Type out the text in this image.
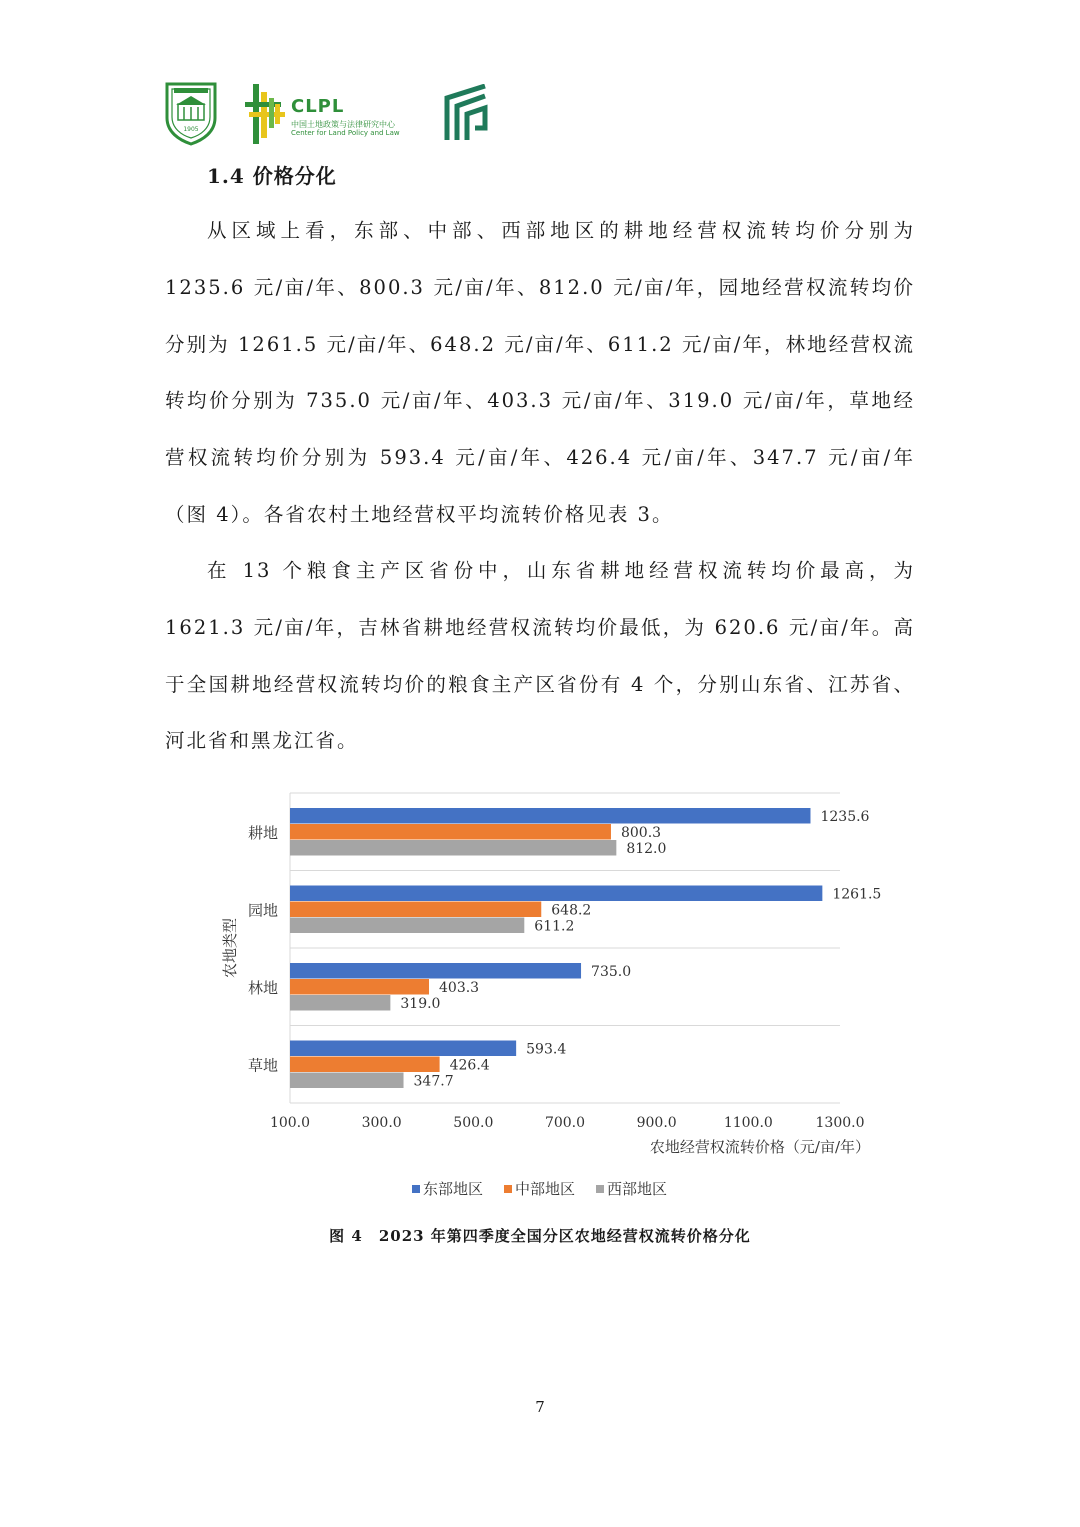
1905
CLPL
中国土地政策与法律研究中心
Center for Land Policy and Law
1.4 价格分化

从区域上看，东部、中部、西部地区的耕地经营权流转均价分别为 1235.6 元/亩/年、800.3 元/亩/年、812.0 元/亩/年，园地经营权流转均价分别为 1261.5 元/亩/年、648.2 元/亩/年、611.2 元/亩/年，林地经营权流转均价分别为 735.0 元/亩/年、403.3 元/亩/年、319.0 元/亩/年，草地经营权流转均价分别为 593.4 元/亩/年、426.4 元/亩/年、347.7 元/亩/年（图 4）。各省农村土地经营权平均流转价格见表 3。

在 13 个粮食主产区省份中，山东省耕地经营权流转均价最高，为 1621.3 元/亩/年，吉林省耕地经营权流转均价最低，为 620.6 元/亩/年。高于全国耕地经营权流转均价的粮食主产区省份有 4 个，分别山东省、江苏省、河北省和黑龙江省。

耕地
1235.6
800.3
812.0
园地
1261.5
648.2
611.2
林地
735.0
403.3
319.0
草地
593.4
426.4
347.7
100.0	300.0	500.0	700.0	900.0	1100.0	1300.0
农地经营权流转价格（元/亩/年）
农地类型
东部地区 中部地区 西部地区
图 4　2023 年第四季度全国分区农地经营权流转价格分化
7
